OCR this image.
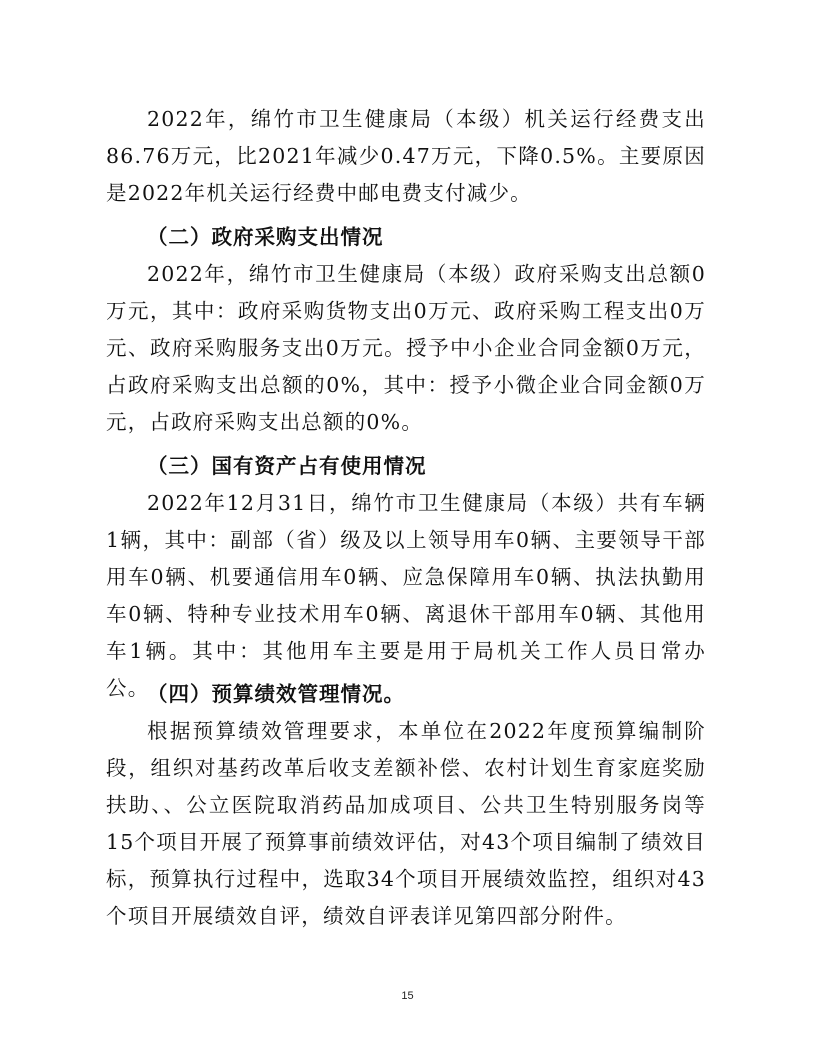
2022年，绵竹市卫生健康局（本级）机关运行经费支出86.76万元，比2021年减少0.47万元，下降0.5%。主要原因是2022年机关运行经费中邮电费支付减少。

（二）政府采购支出情况

2022年，绵竹市卫生健康局（本级）政府采购支出总额0万元，其中：政府采购货物支出0万元、政府采购工程支出0万元、政府采购服务支出0万元。授予中小企业合同金额0万元，占政府采购支出总额的0%，其中：授予小微企业合同金额0万元，占政府采购支出总额的0%。

（三）国有资产占有使用情况

2022年12月31日，绵竹市卫生健康局（本级）共有车辆1辆，其中：副部（省）级及以上领导用车0辆、主要领导干部用车0辆、机要通信用车0辆、应急保障用车0辆、执法执勤用车0辆、特种专业技术用车0辆、离退休干部用车0辆、其他用车1辆。其中：其他用车主要是用于局机关工作人员日常办公。

（四）预算绩效管理情况。

根据预算绩效管理要求，本单位在2022年度预算编制阶段，组织对基药改革后收支差额补偿、农村计划生育家庭奖励扶助、、公立医院取消药品加成项目、公共卫生特别服务岗等15个项目开展了预算事前绩效评估，对43个项目编制了绩效目标，预算执行过程中，选取34个项目开展绩效监控，组织对43个项目开展绩效自评，绩效自评表详见第四部分附件。

15
